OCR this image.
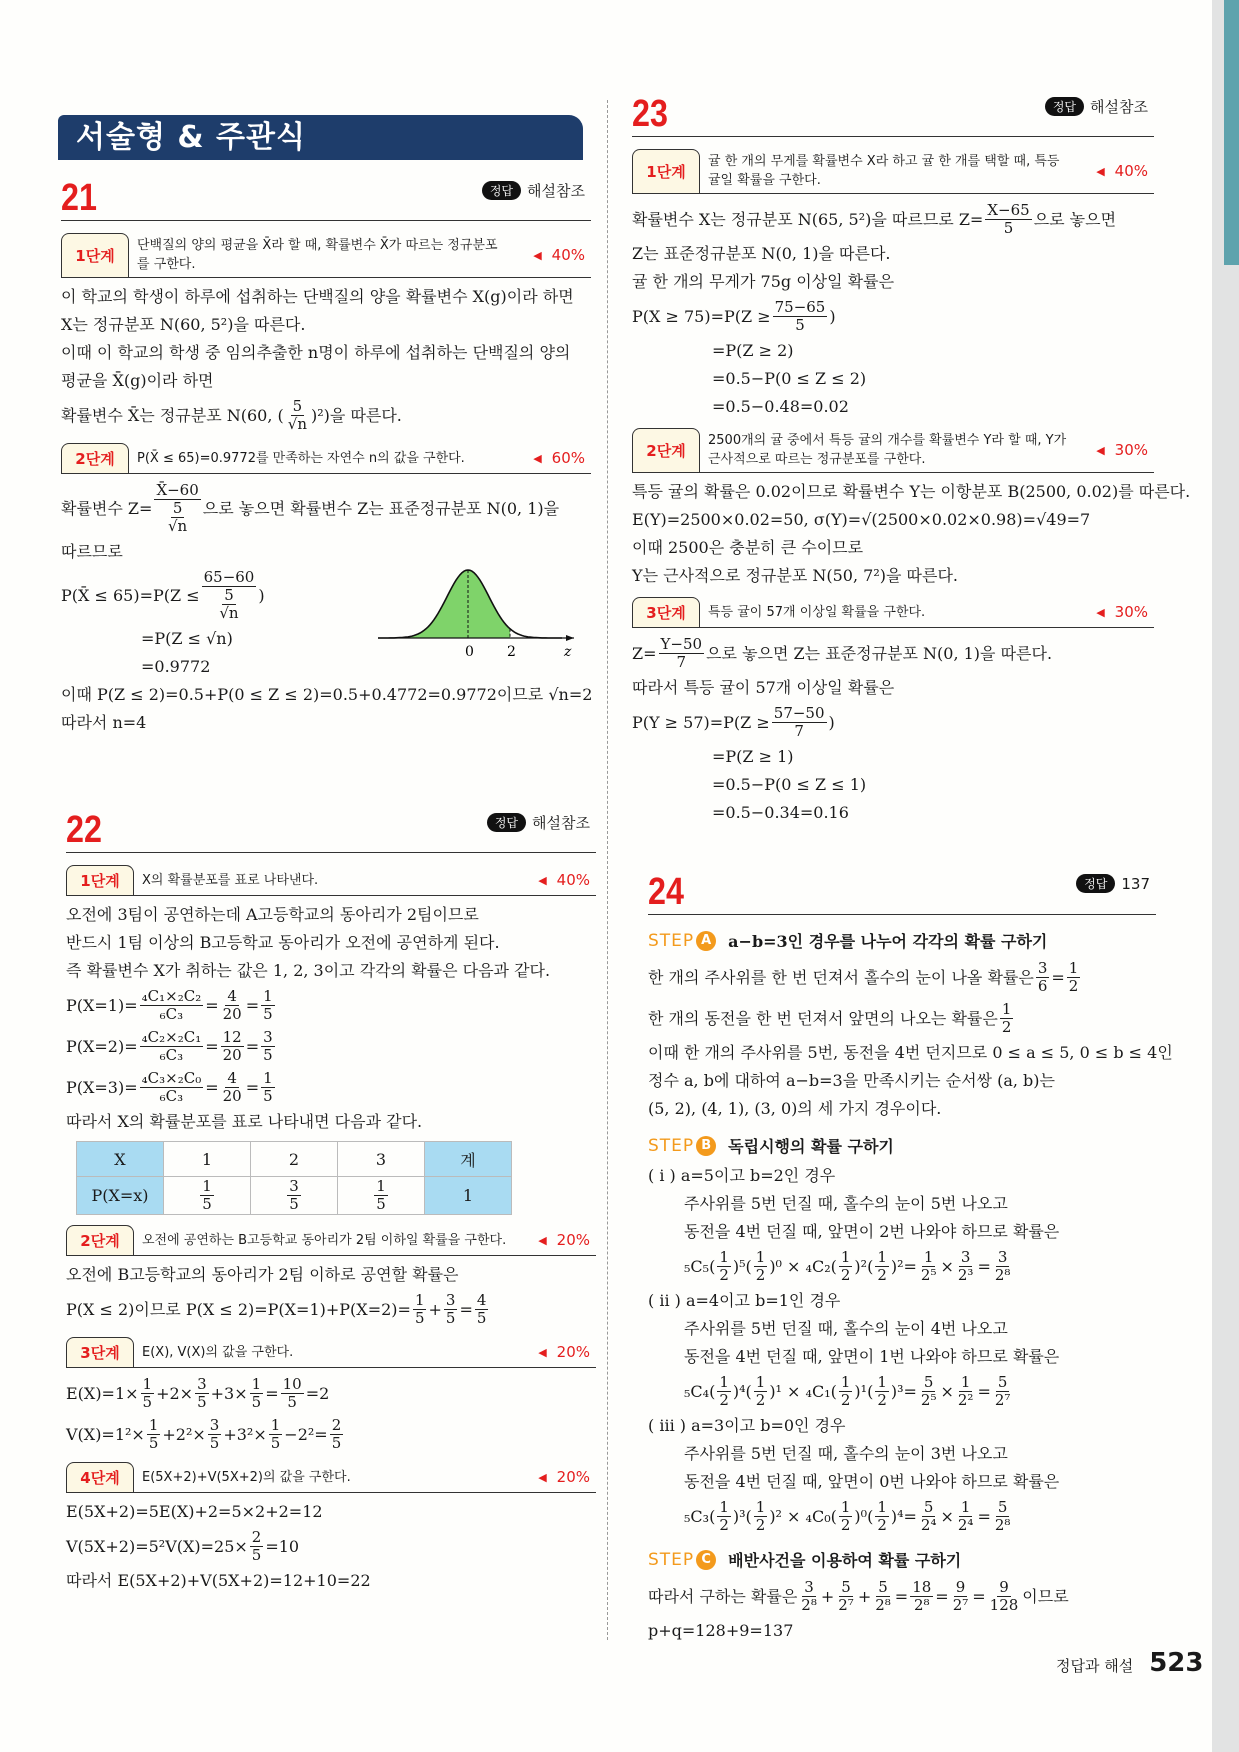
서술형 & 주관식
21	정답 해설참조
1단계
단백질의 양의 평균을 X̄라 할 때, 확률변수 X̄가 따르는 정규분포를 구한다.
◀ 40%
이 학교의 학생이 하루에 섭취하는 단백질의 양을 확률변수 X(g)이라 하면
X는 정규분포 N(60, 5²)을 따른다.
이때 이 학교의 학생 중 임의추출한 n명이 하루에 섭취하는 단백질의 양의
평균을 X̄(g)이라 하면
확률변수 X̄는 정규분포 N(60, ( $\frac{5}{√n} )^2$)을 따른다.
2단계	P(X̄ ≤ 65)=0.9772를 만족하는 자연수 n의 값을 구한다.	◀ 60%
확률변수 $Z= \frac{X̄-60}{\frac{5}{√n}}$ 으로 놓으면 확률변수 Z는 표준정규분포 N(0, 1)을
따르므로
P(X̄ ≤ $65)=P(Z \le \frac{65-60}{\frac{5}{√n}}$ )
=P(Z ≤ √n)
=0.9772
이때 P(Z ≤ 2)=0.5+P(0 ≤ Z ≤ 2)=0.5+0.4772=0.9772이므로 √n=2
따라서 n=4
22	정답 해설참조
1단계	X의 확률분포를 표로 나타낸다.	◀ 40%
오전에 3팀이 공연하는데 A고등학교의 동아리가 2팀이므로
반드시 1팀 이상의 B고등학교 동아리가 오전에 공연하게 된다.
즉 확률변수 X가 취하는 값은 1, 2, 3이고 각각의 확률은 다음과 같다.
$P(X=1)= \frac{\text{₄C₁×₂C₂}}{\text{₆C₃}} = \frac{4}{20} = \frac{1}{5}$
$P(X=2)= \frac{\text{₄C₂×₂C₁}}{\text{₆C₃}} = \frac{12}{20} = \frac{3}{5}$
$P(X=3)= \frac{\text{₄C₃×₂C₀}}{\text{₆C₃}} = \frac{4}{20} = \frac{1}{5}$
따라서 X의 확률분포를 표로 나타내면 다음과 같다.
X	1	2	3	계
P(X=x)	$\frac{1}{5}$	$\frac{3}{5}$	$\frac{1}{5}$	1
2단계	오전에 공연하는 B고등학교 동아리가 2팀 이하일 확률을 구한다.	◀ 20%
오전에 B고등학교의 동아리가 2팀 이하로 공연할 확률은
P(X ≤ 2)이므로 $P(X \le 2)=P(X=1)+P(X=2)= \frac{1}{5} + \frac{3}{5} = \frac{4}{5}$
3단계	E(X), V(X)의 값을 구한다.	◀ 20%
$E(X)=1\times \frac{1}{5} +2\times \frac{3}{5} +3\times \frac{1}{5} = \frac{10}{5} =2$
$V(X)=1^2\times \frac{1}{5} +2^2\times \frac{3}{5} +3^2\times \frac{1}{5} -2^2= \frac{2}{5}$
4단계	E(5X+2)+V(5X+2)의 값을 구한다.	◀ 20%
E(5X+2)=5E(X)+2=5×2+2=12
$V(5X+2)=5^2V(X)=25\times \frac{2}{5} =10$
따라서 E(5X+2)+V(5X+2)=12+10=22
23	정답 해설참조
1단계
귤 한 개의 무게를 확률변수 X라 하고 귤 한 개를 택할 때, 특등 귤일 확률을 구한다.
◀ 40%
확률변수 X는 정규분포 N(65, 5²)을 따르므로 $Z= \frac{X-65}{5}$ 으로 놓으면
Z는 표준정규분포 N(0, 1)을 따른다.
귤 한 개의 무게가 75g 이상일 확률은
$P(X \ge 75)=P(Z \ge \frac{75-65}{5}$ )
=P(Z ≥ 2)
=0.5−P(0 ≤ Z ≤ 2)
=0.5−0.48=0.02
2단계
2500개의 귤 중에서 특등 귤의 개수를 확률변수 Y라 할 때, Y가 근사적으로 따르는 정규분포를 구한다.
◀ 30%
특등 귤의 확률은 0.02이므로 확률변수 Y는 이항분포 B(2500, 0.02)를 따른다.
E(Y)=2500×0.02=50, σ(Y)=√(2500×0.02×0.98)=√49=7
이때 2500은 충분히 큰 수이므로
Y는 근사적으로 정규분포 N(50, 7²)을 따른다.
3단계	특등 귤이 57개 이상일 확률을 구한다.	◀ 30%
$Z= \frac{Y-50}{7}$ 으로 놓으면 Z는 표준정규분포 N(0, 1)을 따른다.
따라서 특등 귤이 57개 이상일 확률은
$P(Y \ge 57)=P(Z \ge \frac{57-50}{7}$ )
=P(Z ≥ 1)
=0.5−P(0 ≤ Z ≤ 1)
=0.5−0.34=0.16
24	정답 137
STEP A	a−b=3인 경우를 나누어 각각의 확률 구하기
한 개의 주사위를 한 번 던져서 홀수의 눈이 나올 확률은 $\frac{3}{6} = \frac{1}{2}$
한 개의 동전을 한 번 던져서 앞면의 나오는 확률은 $\frac{1}{2}$
이때 한 개의 주사위를 5번, 동전을 4번 던지므로 0 ≤ a ≤ 5, 0 ≤ b ≤ 4인
정수 a, b에 대하여 a−b=3을 만족시키는 순서쌍 (a, b)는
(5, 2), (4, 1), (3, 0)의 세 가지 경우이다.
STEP B	독립시행의 확률 구하기
( i ) a=5이고 b=2인 경우
주사위를 5번 던질 때, 홀수의 눈이 5번 나오고
동전을 4번 던질 때, 앞면이 2번 나와야 하므로 확률은
$_5C_5( \frac{1}{2} )^5( \frac{1}{2} )^0 \times _4C_2( \frac{1}{2} )^2( \frac{1}{2} )^2= \frac{1}{\text{2⁵}} \times \frac{3}{\text{2³}} = \frac{3}{\text{2⁸}}$
( ii ) a=4이고 b=1인 경우
주사위를 5번 던질 때, 홀수의 눈이 4번 나오고
동전을 4번 던질 때, 앞면이 1번 나와야 하므로 확률은
$_5C_4( \frac{1}{2} )^4( \frac{1}{2} )^1 \times _4C_1( \frac{1}{2} )^1( \frac{1}{2} )^3= \frac{5}{\text{2⁵}} \times \frac{1}{\text{2²}} = \frac{5}{\text{2⁷}}$
( iii ) a=3이고 b=0인 경우
주사위를 5번 던질 때, 홀수의 눈이 3번 나오고
동전을 4번 던질 때, 앞면이 0번 나와야 하므로 확률은
$_5C_3( \frac{1}{2} )^3( \frac{1}{2} )^2 \times _4C_0( \frac{1}{2} )^0( \frac{1}{2} )^4= \frac{5}{\text{2⁴}} \times \frac{1}{\text{2⁴}} = \frac{5}{\text{2⁸}}$
STEP C	배반사건을 이용하여 확률 구하기
따라서 구하는 확률은 $\frac{3}{\text{2⁸}} + \frac{5}{\text{2⁷}} + \frac{5}{\text{2⁸}} = \frac{18}{\text{2⁸}} = \frac{9}{\text{2⁷}} = \frac{9}{128}$ 이므로
p+q=128+9=137
0 2	z
정답과 해설 523
